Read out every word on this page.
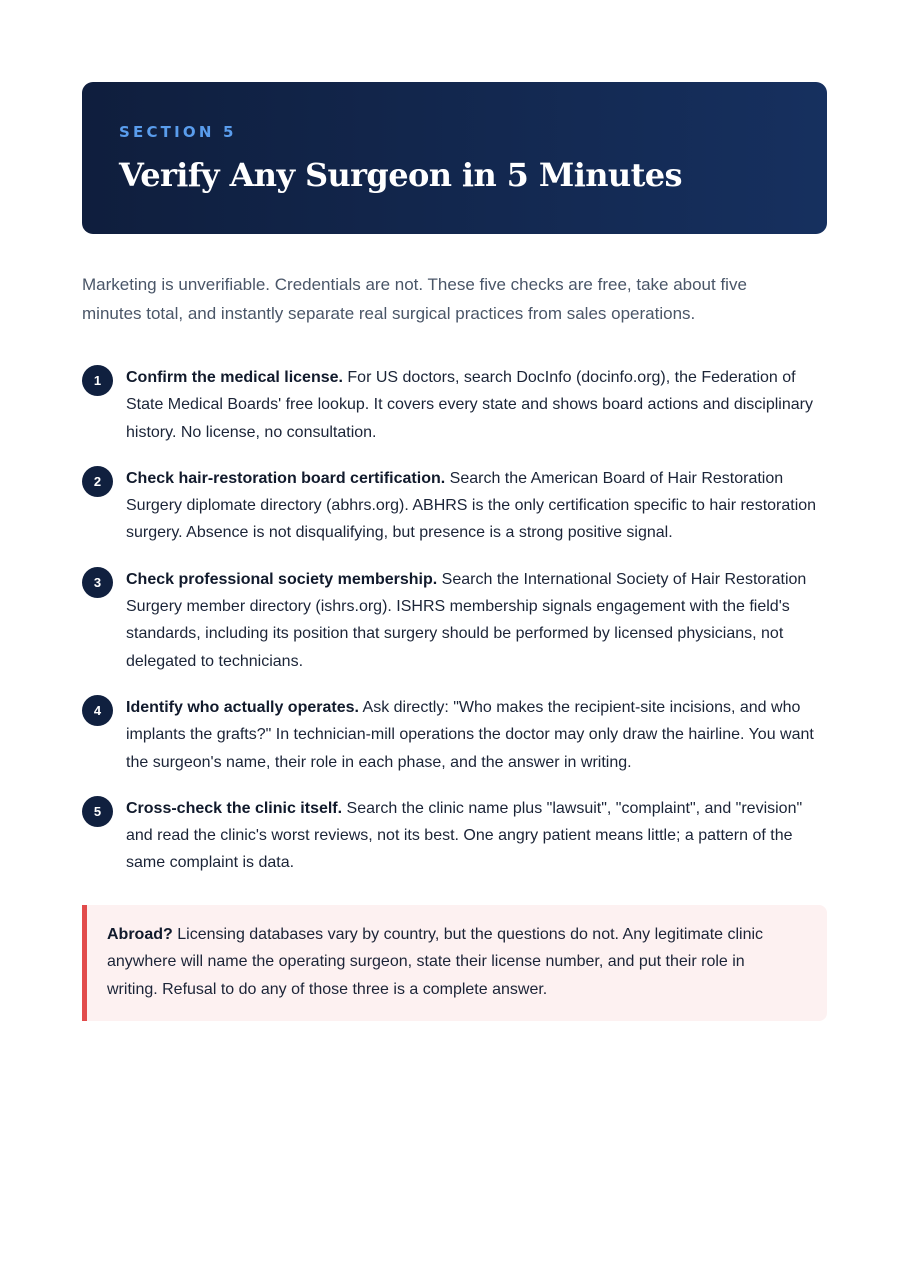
SECTION 5

Verify Any Surgeon in 5 Minutes

Marketing is unverifiable. Credentials are not. These five checks are free, take about five minutes total, and instantly separate real surgical practices from sales operations.

1	Confirm the medical license. For US doctors, search DocInfo (docinfo.org), the Federation of State Medical Boards' free lookup. It covers every state and shows board actions and disciplinary history. No license, no consultation.

2	Check hair-restoration board certification. Search the American Board of Hair Restoration Surgery diplomate directory (abhrs.org). ABHRS is the only certification specific to hair restoration surgery. Absence is not disqualifying, but presence is a strong positive signal.

3	Check professional society membership. Search the International Society of Hair Restoration Surgery member directory (ishrs.org). ISHRS membership signals engagement with the field's standards, including its position that surgery should be performed by licensed physicians, not delegated to technicians.

4	Identify who actually operates. Ask directly: "Who makes the recipient-site incisions, and who implants the grafts?" In technician-mill operations the doctor may only draw the hairline. You want the surgeon's name, their role in each phase, and the answer in writing.

5	Cross-check the clinic itself. Search the clinic name plus "lawsuit", "complaint", and "revision" and read the clinic's worst reviews, not its best. One angry patient means little; a pattern of the same complaint is data.

Abroad? Licensing databases vary by country, but the questions do not. Any legitimate clinic anywhere will name the operating surgeon, state their license number, and put their role in writing. Refusal to do any of those three is a complete answer.
